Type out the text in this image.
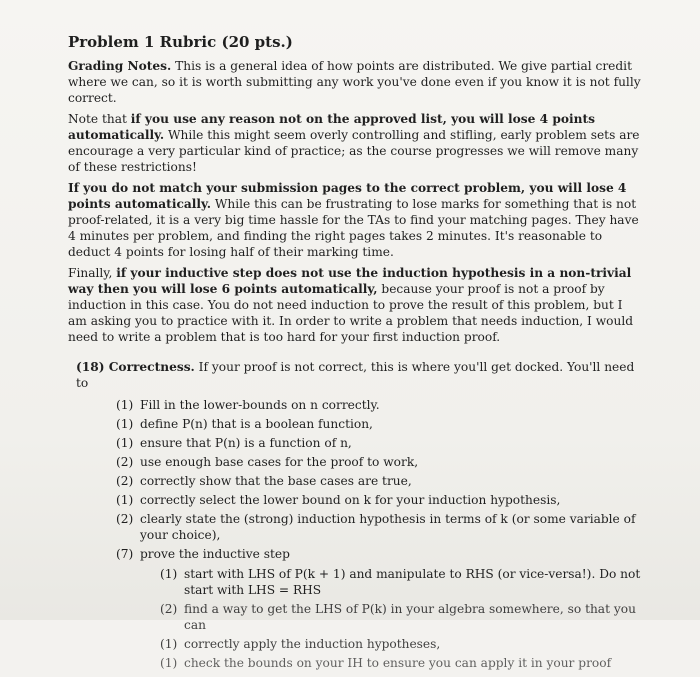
Problem 1 Rubric (20 pts.)

Grading Notes. This is a general idea of how points are distributed. We give partial credit where we can, so it is worth submitting any work you've done even if you know it is not fully correct.

Note that if you use any reason not on the approved list, you will lose 4 points automatically. While this might seem overly controlling and stifling, early problem sets are encourage a very particular kind of practice; as the course progresses we will remove many of these restrictions!

If you do not match your submission pages to the correct problem, you will lose 4 points automatically. While this can be frustrating to lose marks for something that is not proof-related, it is a very big time hassle for the TAs to find your matching pages. They have 4 minutes per problem, and finding the right pages takes 2 minutes. It's reasonable to deduct 4 points for losing half of their marking time.

Finally, if your inductive step does not use the induction hypothesis in a non-trivial way then you will lose 6 points automatically, because your proof is not a proof by induction in this case. You do not need induction to prove the result of this problem, but I am asking you to practice with it. In order to write a problem that needs induction, I would need to write a problem that is too hard for your first induction proof.

(18) Correctness. If your proof is not correct, this is where you'll get docked. You'll need to
(1) Fill in the lower-bounds on n correctly.
(1) define P(n) that is a boolean function,
(1) ensure that P(n) is a function of n,
(2) use enough base cases for the proof to work,
(2) correctly show that the base cases are true,
(1) correctly select the lower bound on k for your induction hypothesis,
(2) clearly state the (strong) induction hypothesis in terms of k (or some variable of your choice),
(7) prove the inductive step
(1) start with LHS of P(k + 1) and manipulate to RHS (or vice-versa!). Do not start with LHS = RHS
(2) find a way to get the LHS of P(k) in your algebra somewhere, so that you can
(1) correctly apply the induction hypotheses,
(1) check the bounds on your IH to ensure you can apply it in your proof
